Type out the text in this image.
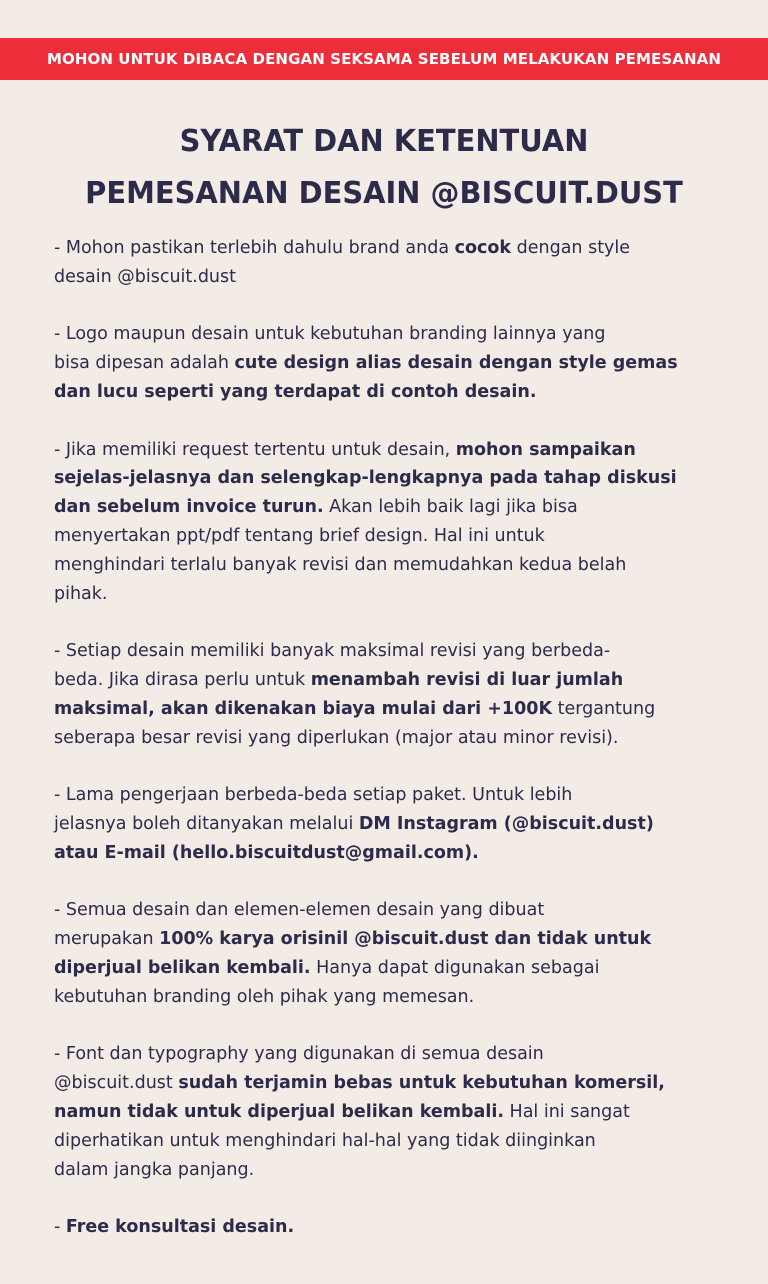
MOHON UNTUK DIBACA DENGAN SEKSAMA SEBELUM MELAKUKAN PEMESANAN
SYARAT DAN KETENTUAN
PEMESANAN DESAIN @BISCUIT.DUST

- Mohon pastikan terlebih dahulu brand anda cocok dengan style
desain @biscuit.dust

- Logo maupun desain untuk kebutuhan branding lainnya yang
bisa dipesan adalah cute design alias desain dengan style gemas
dan lucu seperti yang terdapat di contoh desain.

- Jika memiliki request tertentu untuk desain, mohon sampaikan
sejelas-jelasnya dan selengkap-lengkapnya pada tahap diskusi
dan sebelum invoice turun. Akan lebih baik lagi jika bisa
menyertakan ppt/pdf tentang brief design. Hal ini untuk
menghindari terlalu banyak revisi dan memudahkan kedua belah
pihak.

- Setiap desain memiliki banyak maksimal revisi yang berbeda-
beda. Jika dirasa perlu untuk menambah revisi di luar jumlah
maksimal, akan dikenakan biaya mulai dari +100K tergantung
seberapa besar revisi yang diperlukan (major atau minor revisi).

- Lama pengerjaan berbeda-beda setiap paket. Untuk lebih
jelasnya boleh ditanyakan melalui DM Instagram (@biscuit.dust)
atau E-mail (hello.biscuitdust@gmail.com).

- Semua desain dan elemen-elemen desain yang dibuat
merupakan 100% karya orisinil @biscuit.dust dan tidak untuk
diperjual belikan kembali. Hanya dapat digunakan sebagai
kebutuhan branding oleh pihak yang memesan.

- Font dan typography yang digunakan di semua desain
@biscuit.dust sudah terjamin bebas untuk kebutuhan komersil,
namun tidak untuk diperjual belikan kembali. Hal ini sangat
diperhatikan untuk menghindari hal-hal yang tidak diinginkan
dalam jangka panjang.

- Free konsultasi desain.
